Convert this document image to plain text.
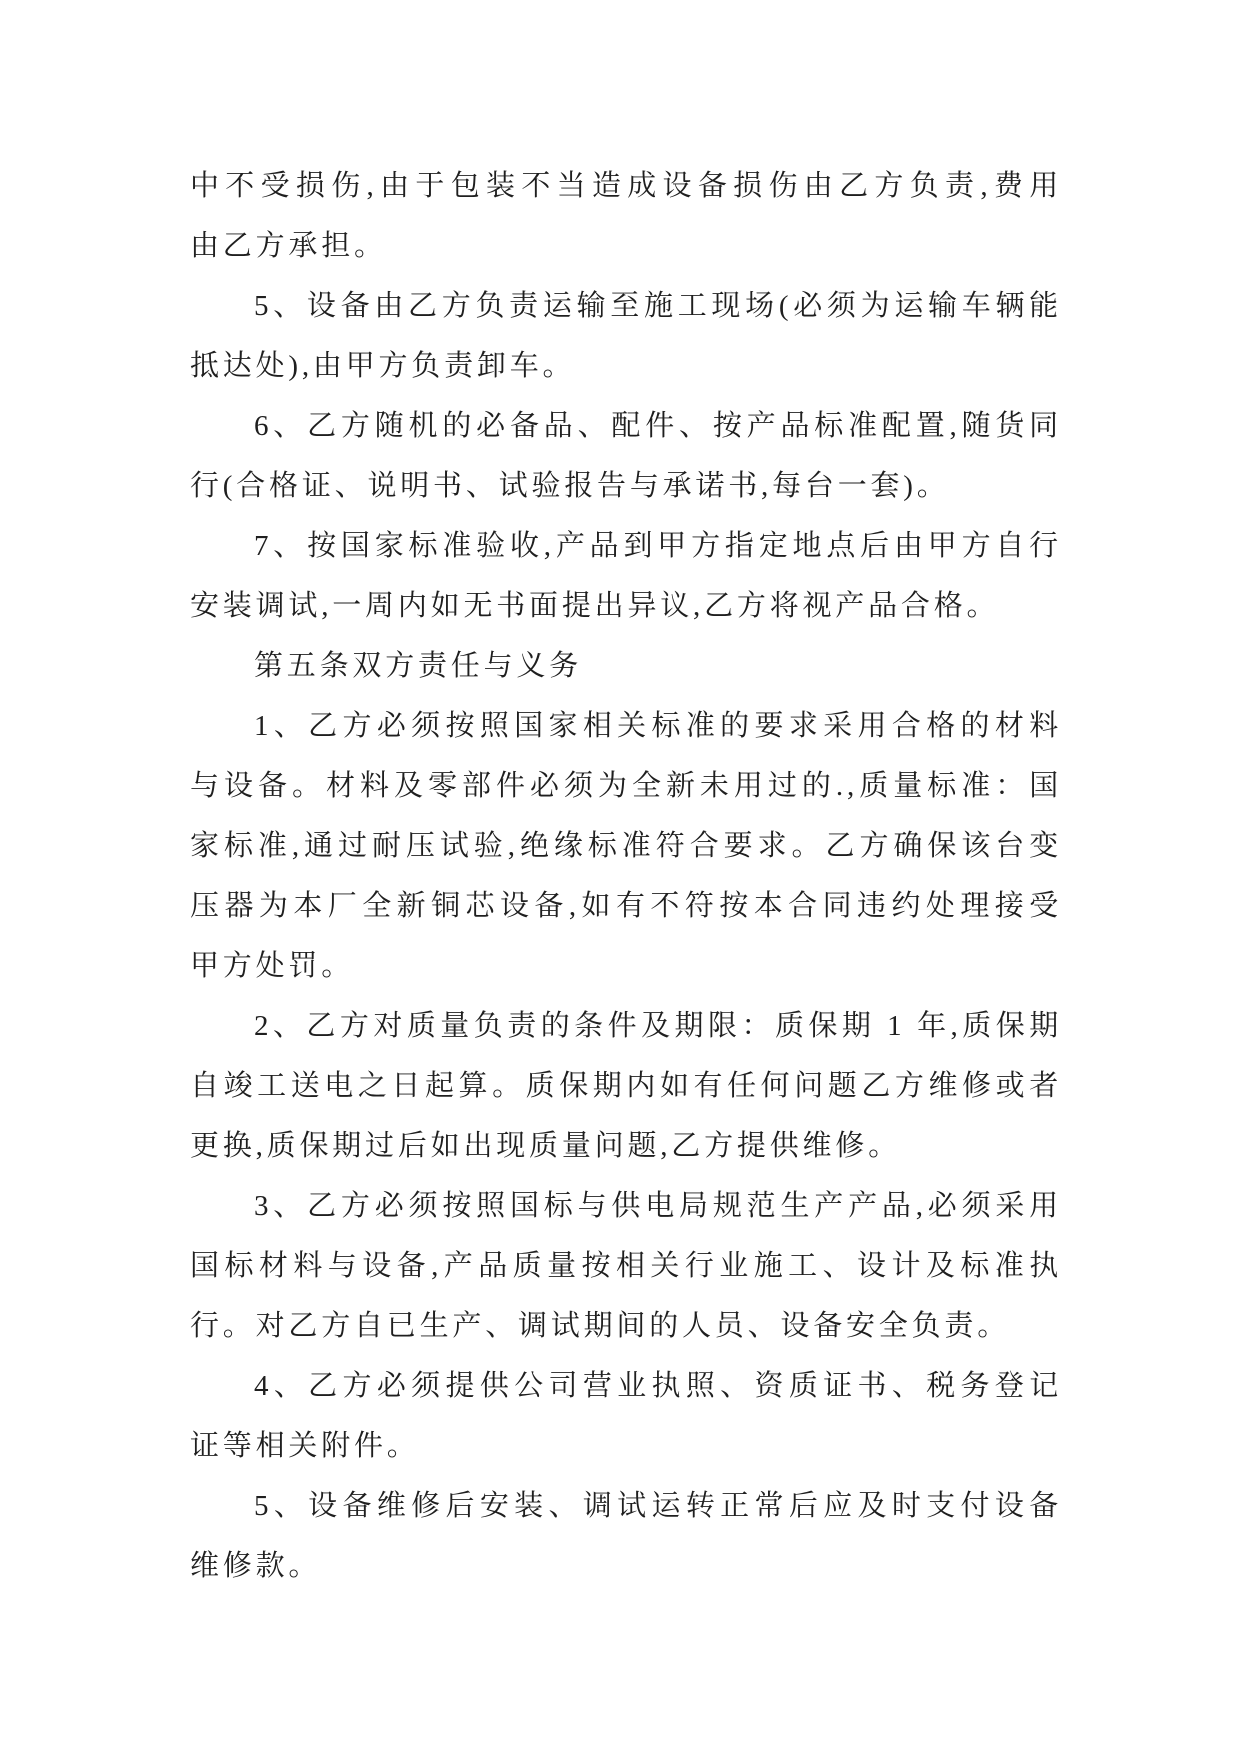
中不受损伤,由于包装不当造成设备损伤由乙方负责,费用
由乙方承担。
5、设备由乙方负责运输至施工现场(必须为运输车辆能
抵达处),由甲方负责卸车。
6、乙方随机的必备品、配件、按产品标准配置,随货同
行(合格证、说明书、试验报告与承诺书,每台一套)。
7、按国家标准验收,产品到甲方指定地点后由甲方自行
安装调试,一周内如无书面提出异议,乙方将视产品合格。
第五条双方责任与义务
1、乙方必须按照国家相关标准的要求采用合格的材料
与设备。材料及零部件必须为全新未用过的.,质量标准：国
家标准,通过耐压试验,绝缘标准符合要求。乙方确保该台变
压器为本厂全新铜芯设备,如有不符按本合同违约处理接受
甲方处罚。
2、乙方对质量负责的条件及期限：质保期 1 年,质保期
自竣工送电之日起算。质保期内如有任何问题乙方维修或者
更换,质保期过后如出现质量问题,乙方提供维修。
3、乙方必须按照国标与供电局规范生产产品,必须采用
国标材料与设备,产品质量按相关行业施工、设计及标准执
行。对乙方自已生产、调试期间的人员、设备安全负责。
4、乙方必须提供公司营业执照、资质证书、税务登记
证等相关附件。
5、设备维修后安装、调试运转正常后应及时支付设备
维修款。
